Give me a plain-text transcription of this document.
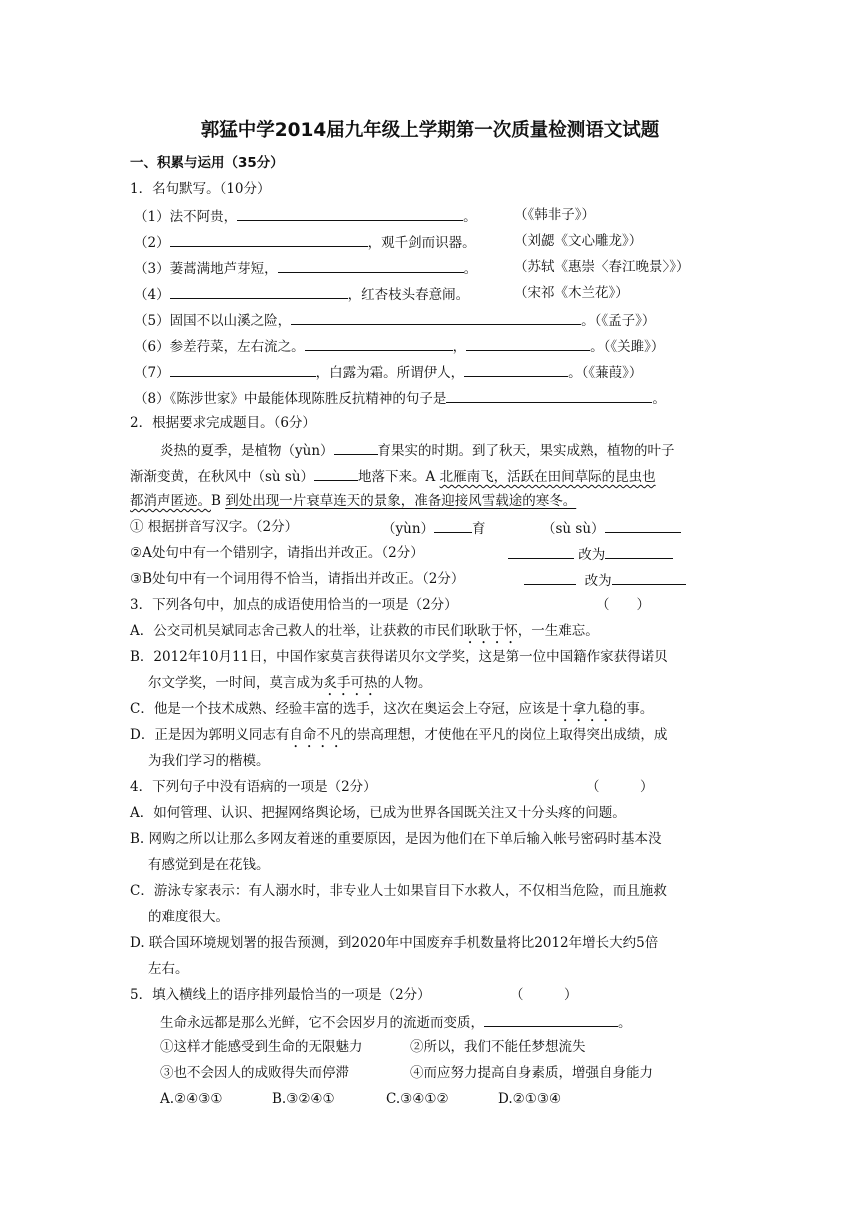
郭猛中学2014届九年级上学期第一次质量检测语文试题
一、积累与运用（35分）
1．名句默写。（10分）
（1）法不阿贵，	。	（《韩非子》）
（2）	，观千剑而识器。	（刘勰《文心雕龙》）
（3）萋蒿满地芦芽短，	。	（苏轼《惠崇〈春江晚景〉》）
（4）	，红杏枝头春意闹。	（宋祁《木兰花》）
（5）固国不以山溪之险，	。（《孟子》）
（6）参差荇菜，左右流之。	，	。（《关雎》）
（7）	，白露为霜。所谓伊人，	。（《蒹葭》）
（8）《陈涉世家》中最能体现陈胜反抗精神的句子是	。
2．根据要求完成题目。（6分）
炎热的夏季，是植物（yùn）	育果实的时期。到了秋天，果实成熟，植物的叶子
渐渐变黄，在秋风中（sù sù）	地落下来。A 北雁南飞，活跃在田间草际的昆虫也
都消声匿迹。B 到处出现一片衰草连天的景象，准备迎接风雪载途的寒冬。
① 根据拼音写汉字。（2分）	（yùn）	育	（sù sù）
②A处句中有一个错别字，请指出并改正。（2分）	改为
③B处句中有一个词用得不恰当，请指出并改正。（2分）	改为
3．下列各句中，加点的成语使用恰当的一项是（2分）	（　　）
A．公交司机吴斌同志舍己救人的壮举，让获救的市民们耿耿于怀，一生难忘。
B．2012年10月11日，中国作家莫言获得诺贝尔文学奖，这是第一位中国籍作家获得诺贝
尔文学奖，一时间，莫言成为炙手可热的人物。
C．他是一个技术成熟、经验丰富的选手，这次在奥运会上夺冠，应该是十拿九稳的事。
D．正是因为郭明义同志有自命不凡的崇高理想，才使他在平凡的岗位上取得突出成绩，成
为我们学习的楷模。
4．下列句子中没有语病的一项是（2分）	（　　　）
A．如何管理、认识、把握网络舆论场，已成为世界各国既关注又十分头疼的问题。
B. 网购之所以让那么多网友着迷的重要原因，是因为他们在下单后输入帐号密码时基本没
有感觉到是在花钱。
C．游泳专家表示：有人溺水时，非专业人士如果盲目下水救人，不仅相当危险，而且施救
的难度很大。
D. 联合国环境规划署的报告预测，到2020年中国废弃手机数量将比2012年增长大约5倍
左右。
5．填入横线上的语序排列最恰当的一项是（2分）	（　　　）
生命永远都是那么光鲜，它不会因岁月的流逝而变质，	。
①这样才能感受到生命的无限魅力	②所以，我们不能任梦想流失
③也不会因人的成败得失而停滞	④而应努力提高自身素质，增强自身能力
A.②④③①	B.③②④①	C.③④①②	D.②①③④
